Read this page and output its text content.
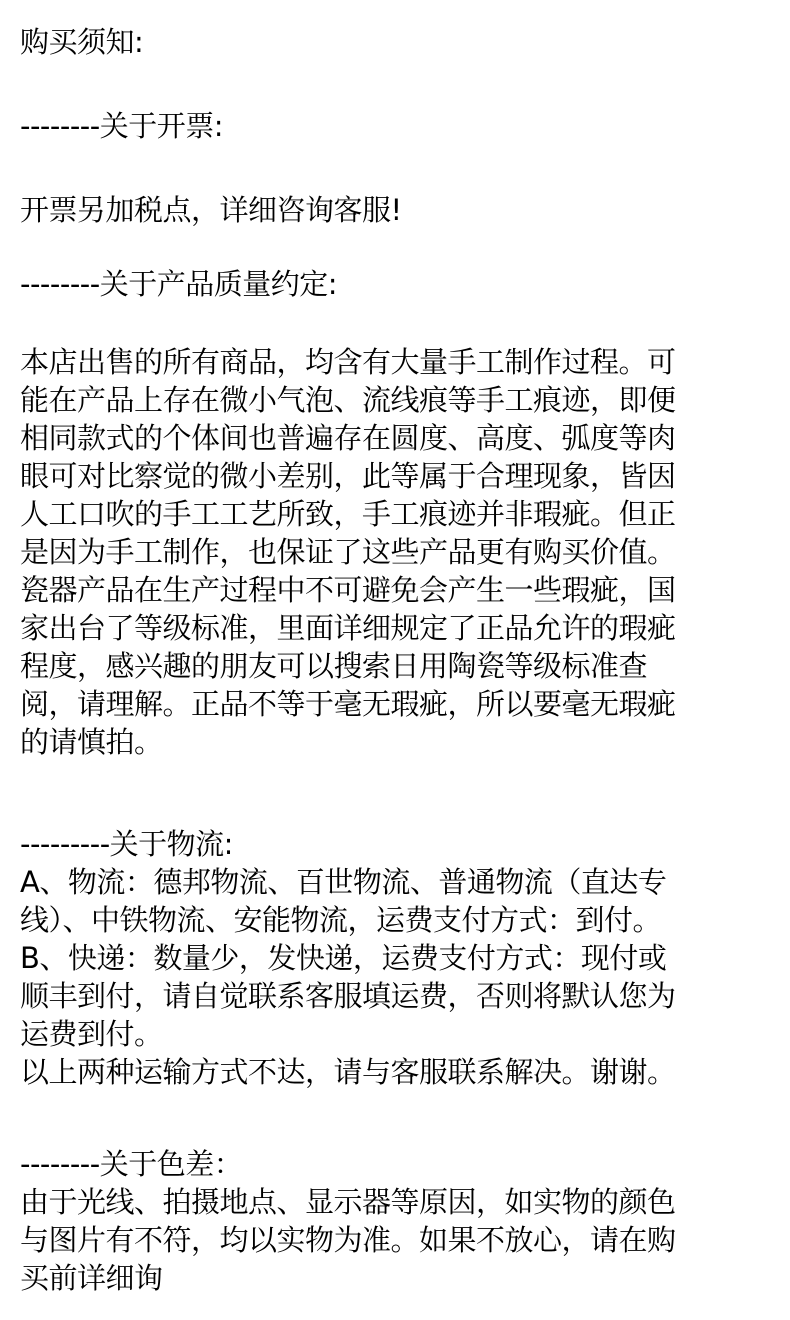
购买须知:
--------关于开票:
开票另加税点，详细咨询客服!
--------关于产品质量约定:
本店出售的所有商品，均含有大量手工制作过程。可
能在产品上存在微小气泡、流线痕等手工痕迹，即便
相同款式的个体间也普遍存在圆度、高度、弧度等肉
眼可对比察觉的微小差别，此等属于合理现象，皆因
人工口吹的手工工艺所致，手工痕迹并非瑕疵。但正
是因为手工制作，也保证了这些产品更有购买价值。
瓷器产品在生产过程中不可避免会产生一些瑕疵，国
家出台了等级标准，里面详细规定了正品允许的瑕疵
程度，感兴趣的朋友可以搜索日用陶瓷等级标准查
阅，请理解。正品不等于毫无瑕疵，所以要毫无瑕疵
的请慎拍。
---------关于物流:
A、物流：德邦物流、百世物流、普通物流（直达专
线）、中铁物流、安能物流，运费支付方式：到付。
B、快递：数量少，发快递，运费支付方式：现付或
顺丰到付，请自觉联系客服填运费，否则将默认您为
运费到付。
以上两种运输方式不达，请与客服联系解决。谢谢。
--------关于色差：
由于光线、拍摄地点、显示器等原因，如实物的颜色
与图片有不符，均以实物为准。如果不放心，请在购
买前详细询
